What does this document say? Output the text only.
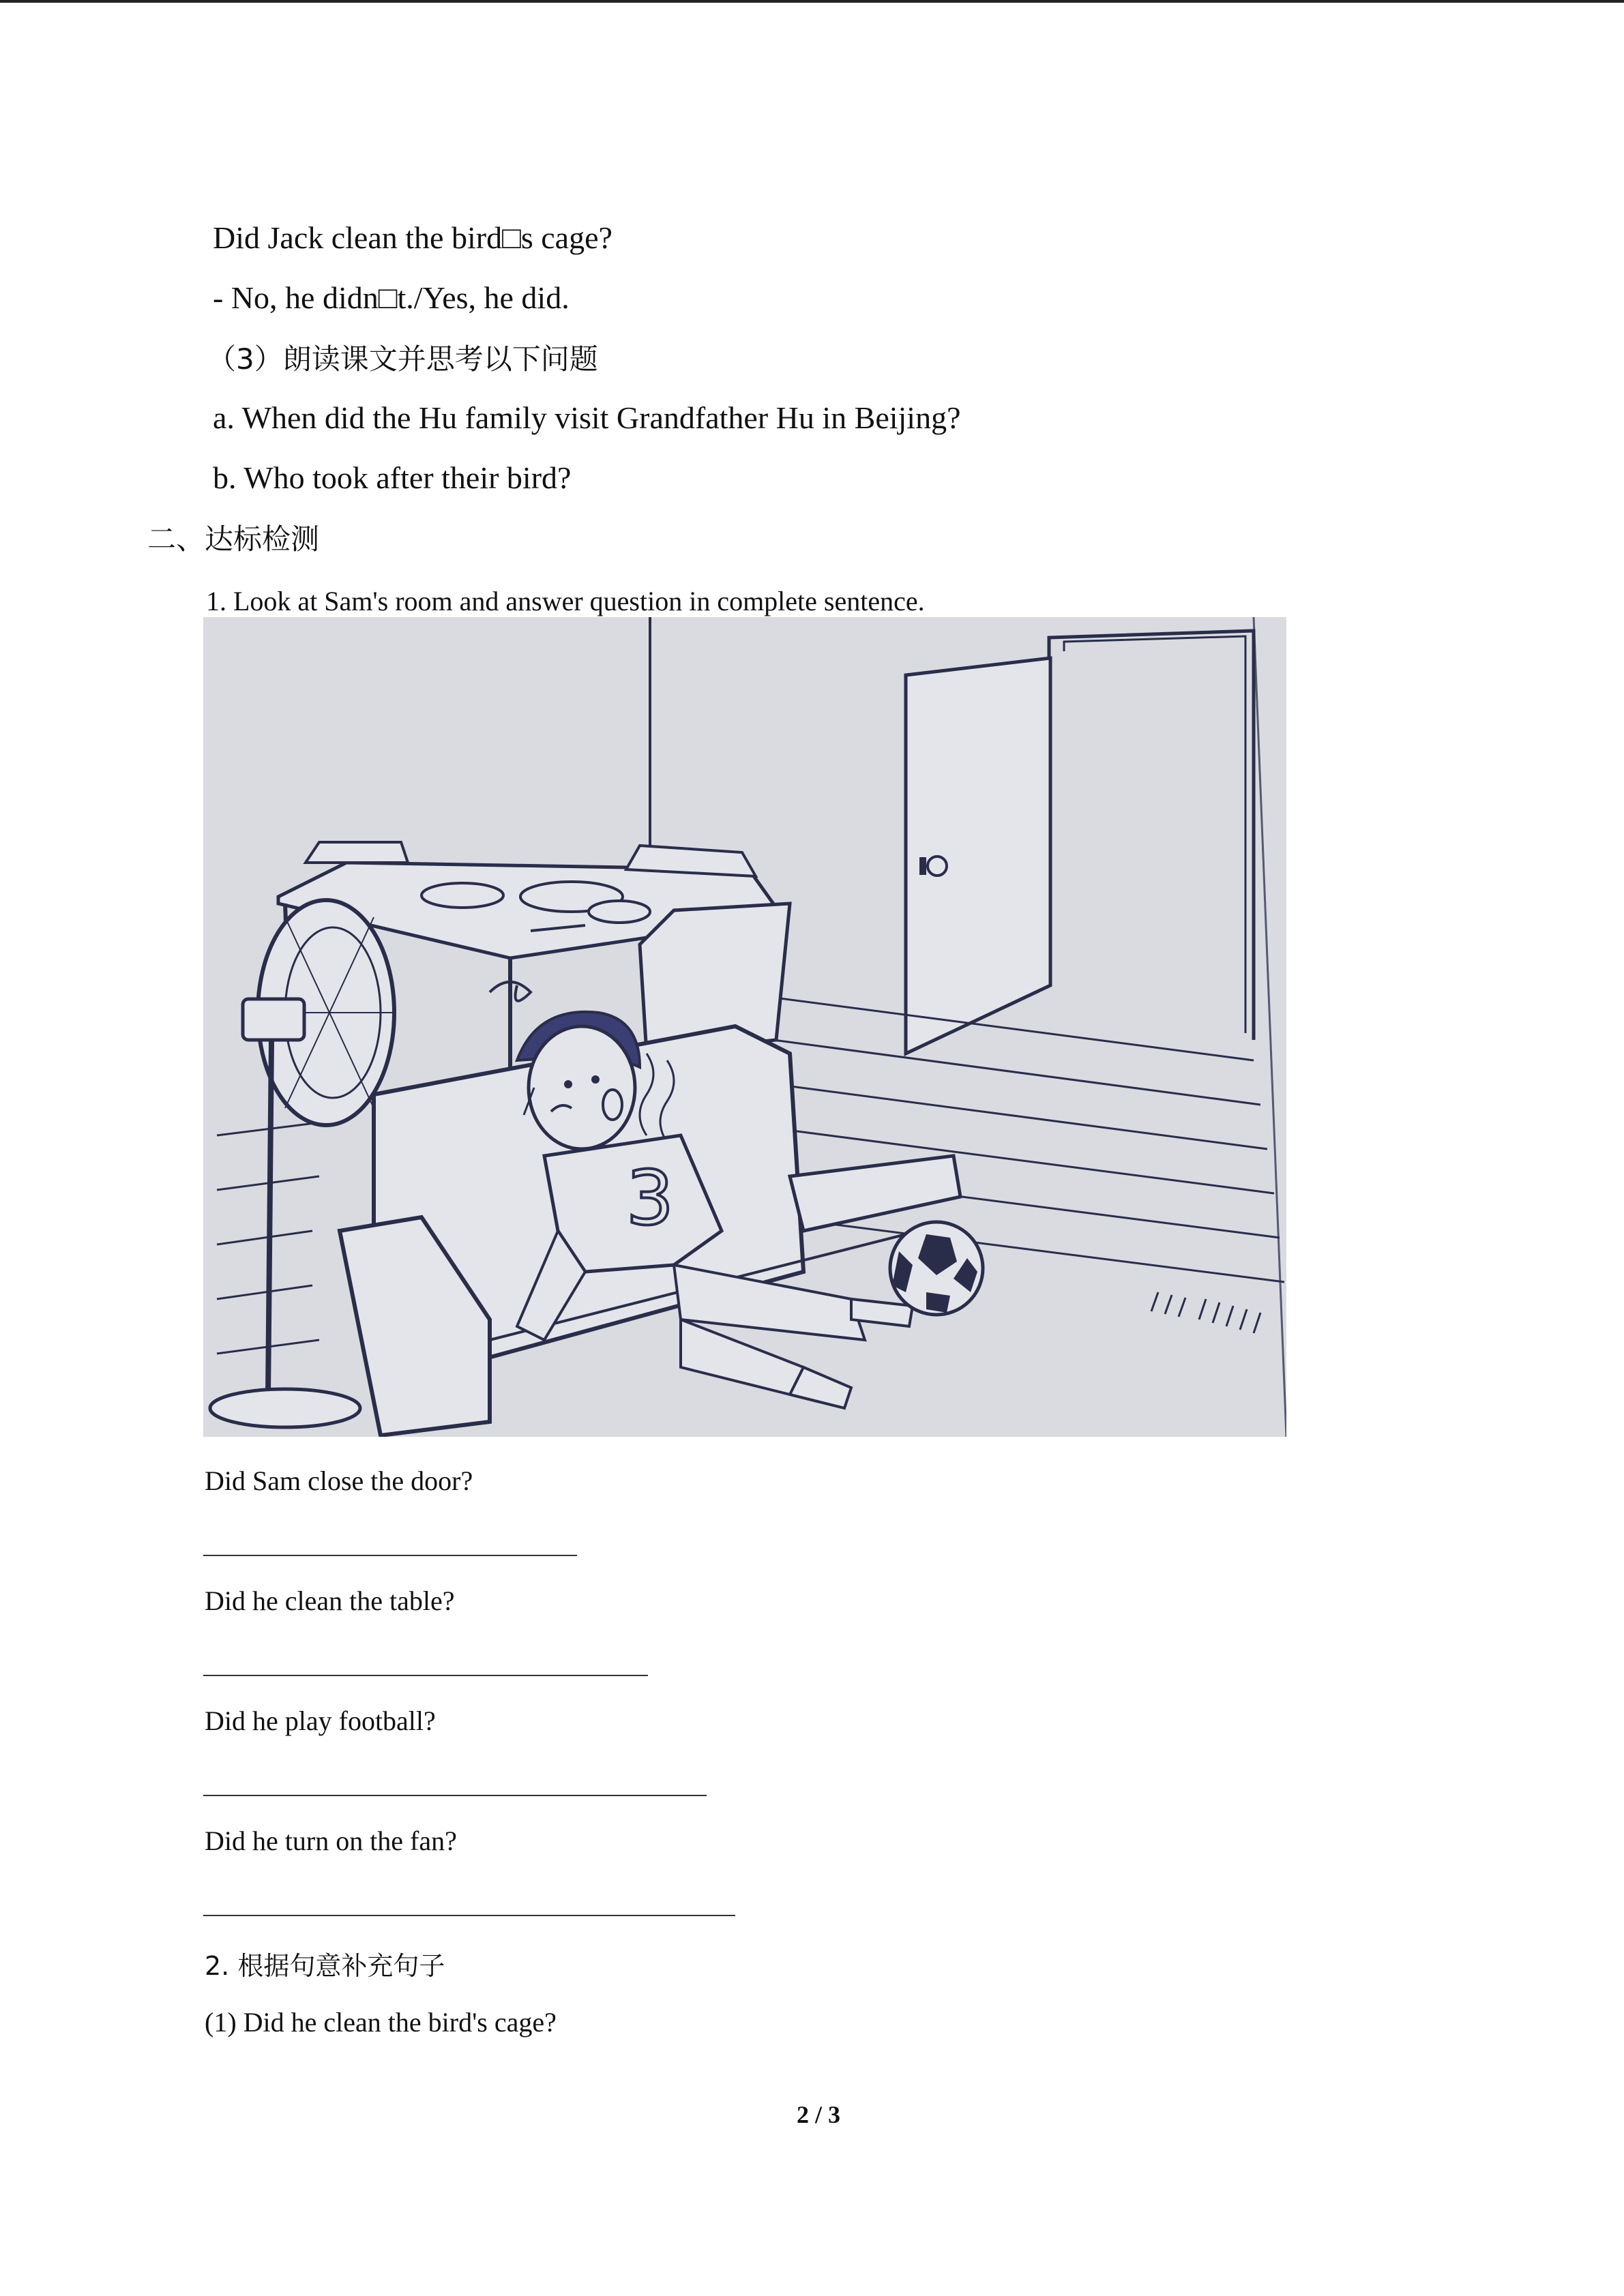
Did Jack clean the bird□s cage?
- No, he didn□t./Yes, he did.
（3）朗读课文并思考以下问题
a. When did the Hu family visit Grandfather Hu in Beijing?
b. Who took after their bird?
二、达标检测
1. Look at Sam's room and answer question in complete sentence.
3
Did Sam close the door?
Did he clean the table?
Did he play football?
Did he turn on the fan?
2. 根据句意补充句子
(1) Did he clean the bird's cage?
2 / 3
